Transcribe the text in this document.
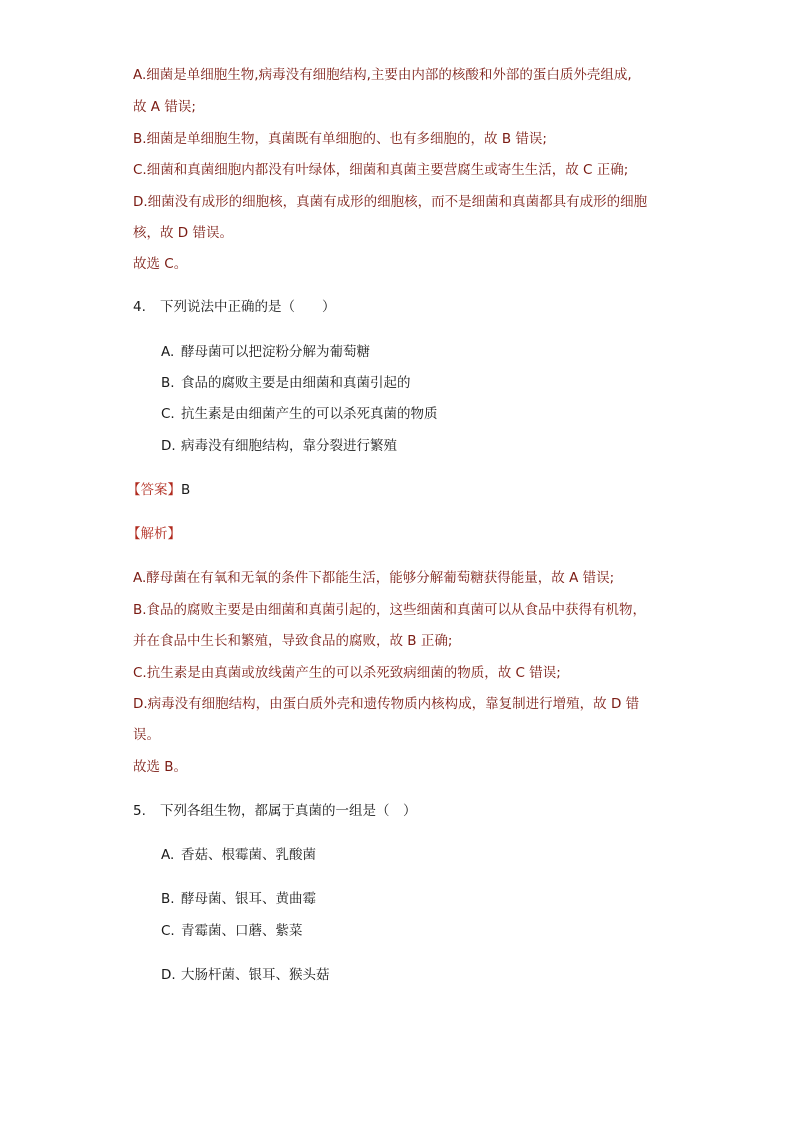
A.细菌是单细胞生物,病毒没有细胞结构,主要由内部的核酸和外部的蛋白质外壳组成,
故 A 错误;
B.细菌是单细胞生物，真菌既有单细胞的、也有多细胞的，故 B 错误;
C.细菌和真菌细胞内都没有叶绿体，细菌和真菌主要营腐生或寄生生活，故 C 正确;
D.细菌没有成形的细胞核，真菌有成形的细胞核，而不是细菌和真菌都具有成形的细胞
核，故 D 错误。
故选 C。
4. 下列说法中正确的是（　　）
A. 酵母菌可以把淀粉分解为葡萄糖
B. 食品的腐败主要是由细菌和真菌引起的
C. 抗生素是由细菌产生的可以杀死真菌的物质
D. 病毒没有细胞结构，靠分裂进行繁殖
【答案】B
【解析】
A.酵母菌在有氧和无氧的条件下都能生活，能够分解葡萄糖获得能量，故 A 错误;
B.食品的腐败主要是由细菌和真菌引起的，这些细菌和真菌可以从食品中获得有机物，
并在食品中生长和繁殖，导致食品的腐败，故 B 正确;
C.抗生素是由真菌或放线菌产生的可以杀死致病细菌的物质，故 C 错误;
D.病毒没有细胞结构，由蛋白质外壳和遗传物质内核构成，靠复制进行增殖，故 D 错
误。
故选 B。
5. 下列各组生物，都属于真菌的一组是（　）
A. 香菇、根霉菌、乳酸菌
B. 酵母菌、银耳、黄曲霉
C. 青霉菌、口蘑、紫菜
D. 大肠杆菌、银耳、猴头菇
